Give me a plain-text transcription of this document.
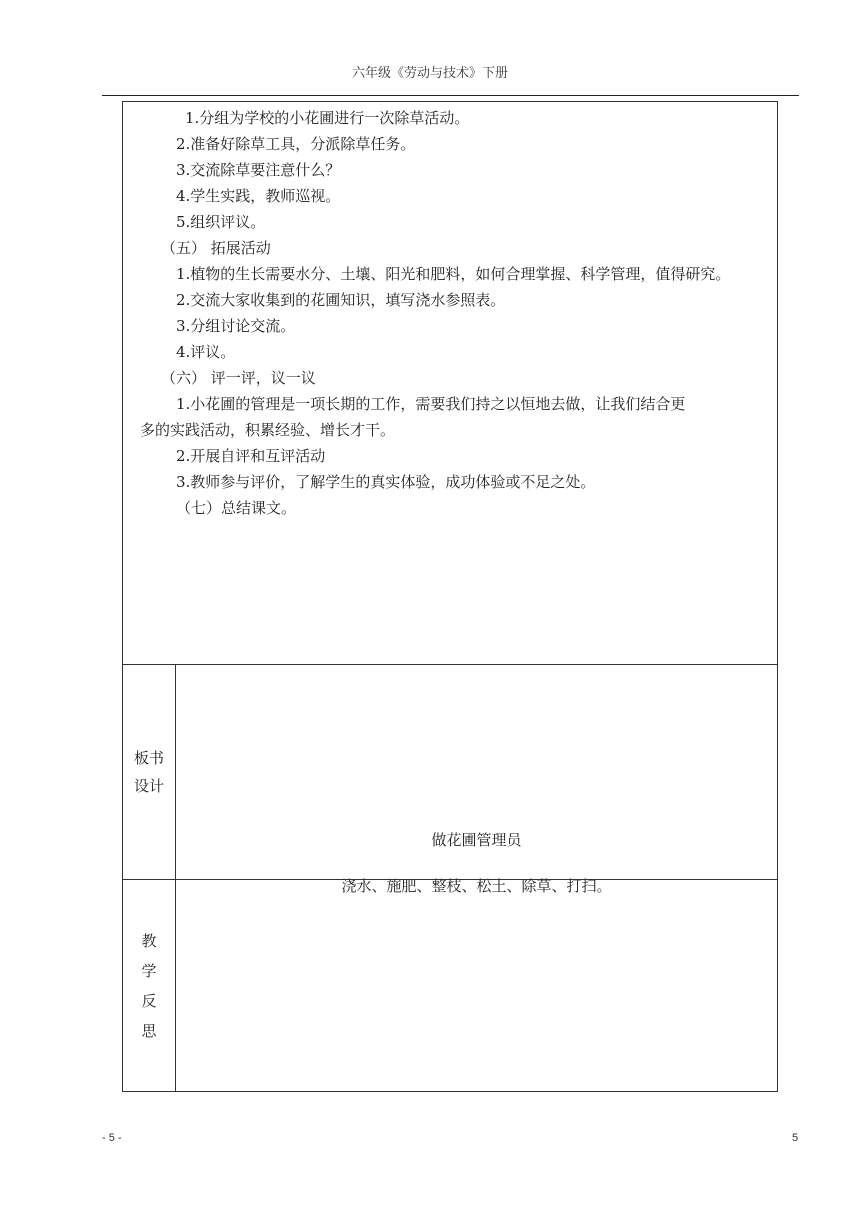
六年级《劳动与技术》下册
1.分组为学校的小花圃进行一次除草活动。
2.准备好除草工具，分派除草任务。
3.交流除草要注意什么？
4.学生实践，教师巡视。
5.组织评议。
（五） 拓展活动
1.植物的生长需要水分、土壤、阳光和肥料，如何合理掌握、科学管理，值得研究。
2.交流大家收集到的花圃知识，填写浇水参照表。
3.分组讨论交流。
4.评议。
（六） 评一评，议一议
1.小花圃的管理是一项长期的工作，需要我们持之以恒地去做，让我们结合更
多的实践活动，积累经验、增长才干。
2.开展自评和互评活动
3.教师参与评价，了解学生的真实体验，成功体验或不足之处。
（七）总结课文。
板书设计
做花圃管理员
浇水、施肥、整枝、松土、除草、打扫。
教学反思
- 5 -	5
